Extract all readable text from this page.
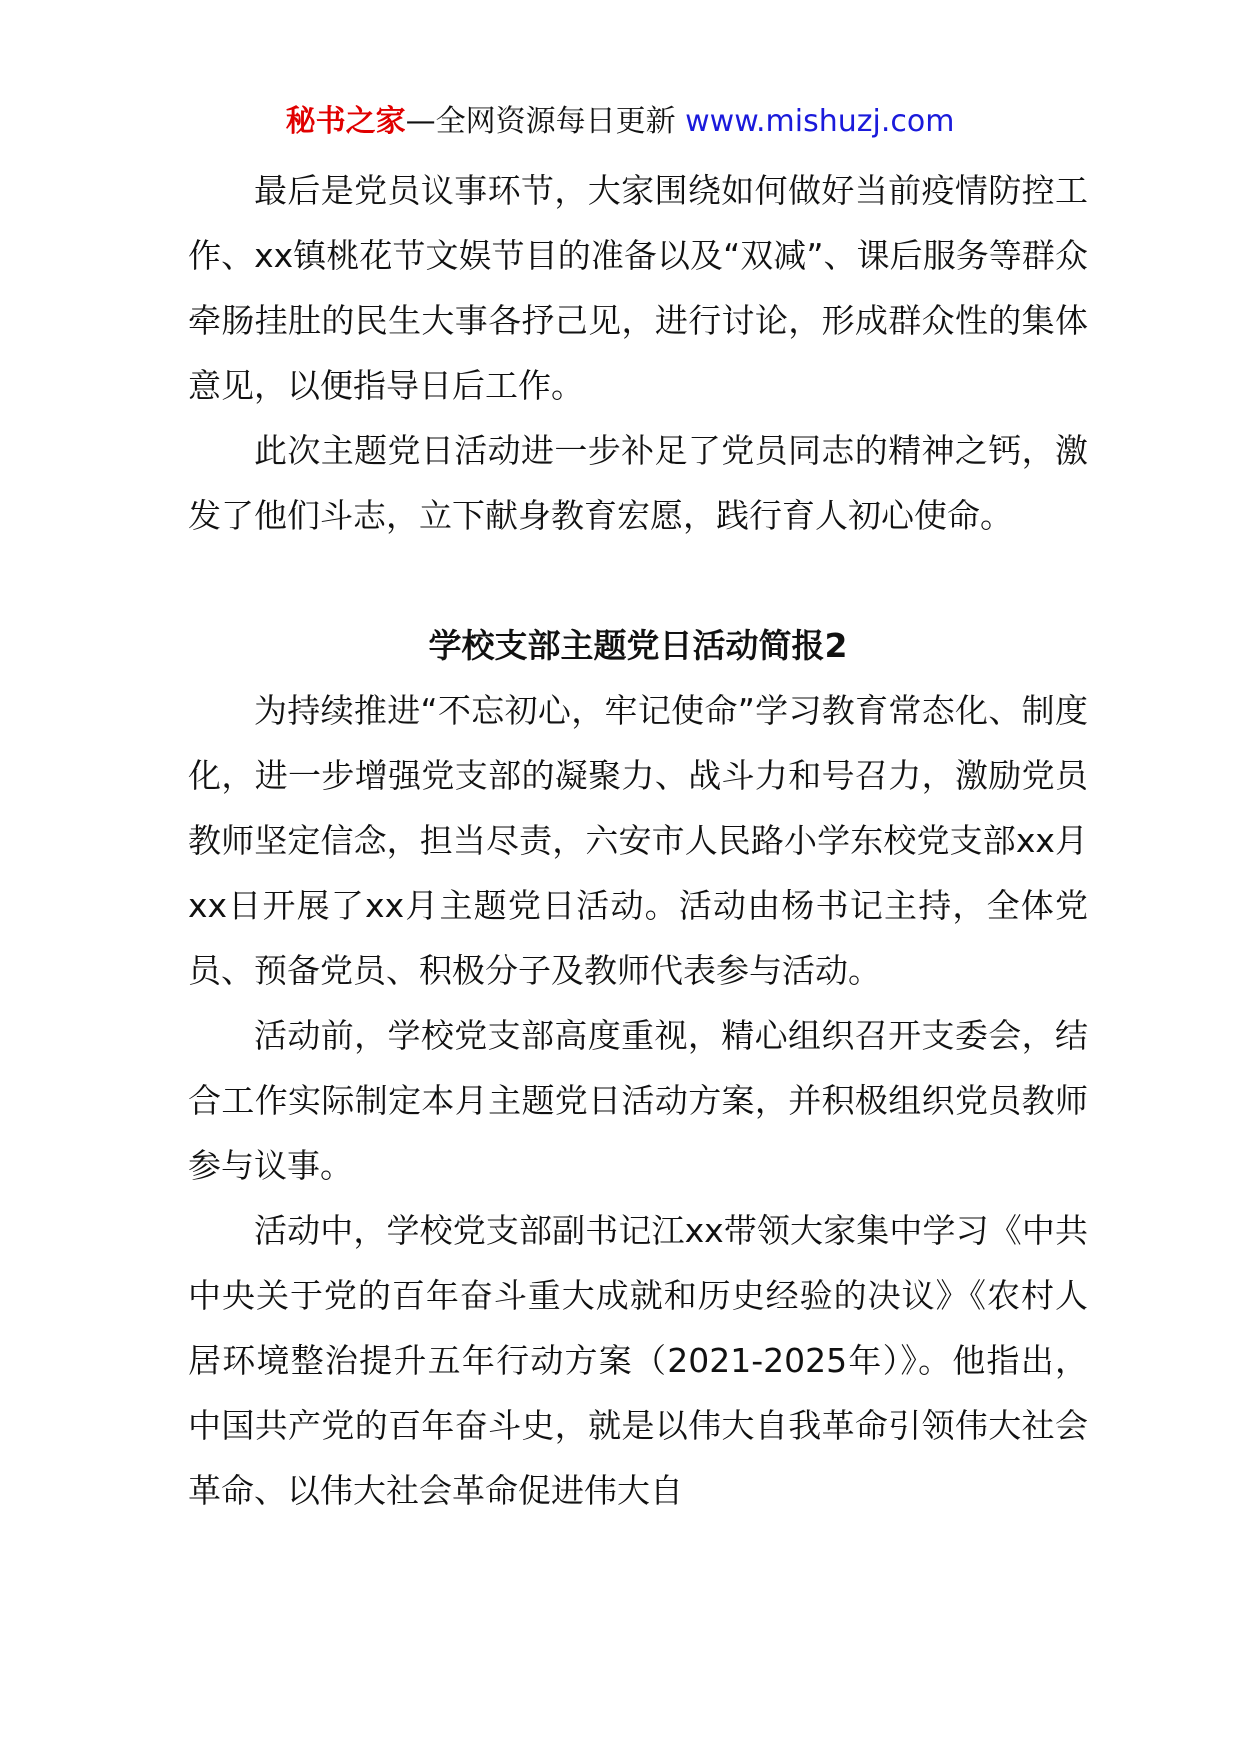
秘书之家—全网资源每日更新 www.mishuzj.com

最后是党员议事环节，大家围绕如何做好当前疫情防控工作、xx镇桃花节文娱节目的准备以及“双减”、课后服务等群众牵肠挂肚的民生大事各抒己见，进行讨论，形成群众性的集体意见，以便指导日后工作。

此次主题党日活动进一步补足了党员同志的精神之钙，激发了他们斗志，立下献身教育宏愿，践行育人初心使命。

学校支部主题党日活动简报2

为持续推进“不忘初心，牢记使命”学习教育常态化、制度化，进一步增强党支部的凝聚力、战斗力和号召力，激励党员教师坚定信念，担当尽责，六安市人民路小学东校党支部xx月xx日开展了xx月主题党日活动。活动由杨书记主持，全体党员、预备党员、积极分子及教师代表参与活动。

活动前，学校党支部高度重视，精心组织召开支委会，结合工作实际制定本月主题党日活动方案，并积极组织党员教师参与议事。

活动中，学校党支部副书记江xx带领大家集中学习《中共中央关于党的百年奋斗重大成就和历史经验的决议》《农村人居环境整治提升五年行动方案（2021-2025年）》。他指出，中国共产党的百年奋斗史，就是以伟大自我革命引领伟大社会革命、以伟大社会革命促进伟大自
